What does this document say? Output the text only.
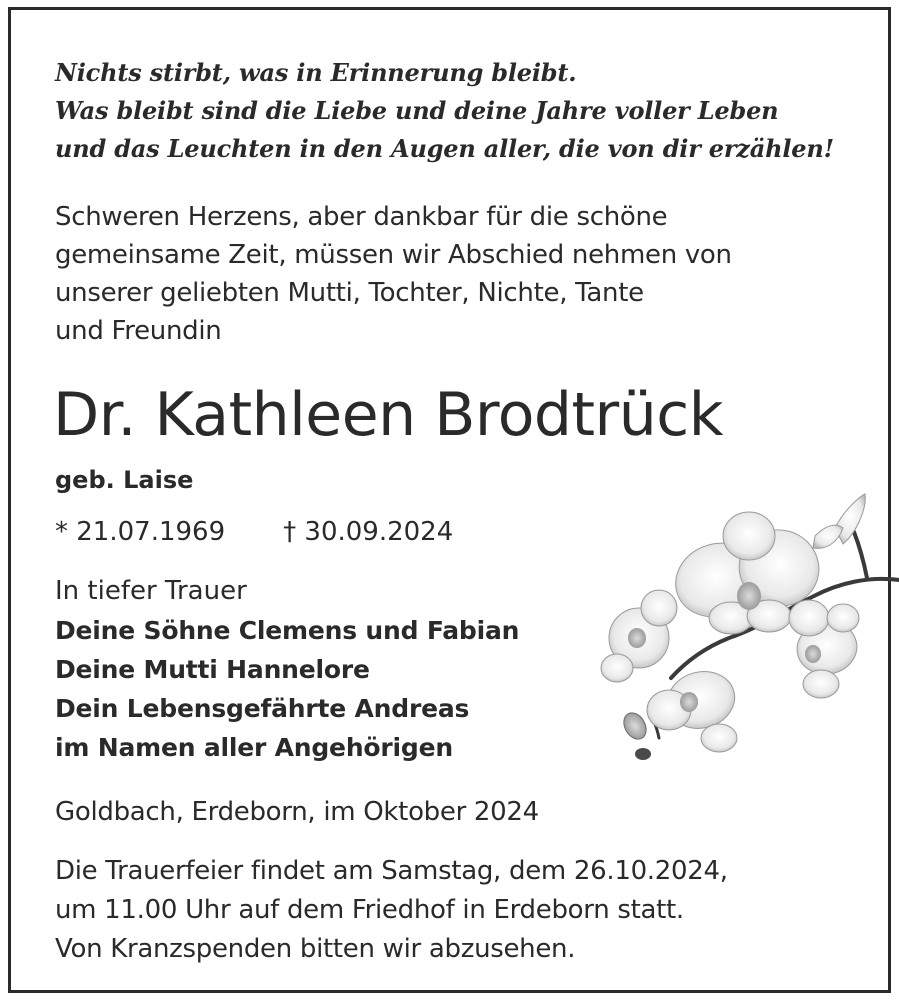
Nichts stirbt, was in Erinnerung bleibt.
Was bleibt sind die Liebe und deine Jahre voller Leben
und das Leuchten in den Augen aller, die von dir erzählen!
Schweren Herzens, aber dankbar für die schöne
gemeinsame Zeit, müssen wir Abschied nehmen von
unserer geliebten Mutti, Tochter, Nichte, Tante
und Freundin
Dr. Kathleen Brodtrück
geb. Laise
* 21.07.1969 † 30.09.2024
In tiefer Trauer
Deine Söhne Clemens und Fabian
Deine Mutti Hannelore
Dein Lebensgefährte Andreas
im Namen aller Angehörigen
Goldbach, Erdeborn, im Oktober 2024
Die Trauerfeier findet am Samstag, dem 26.10.2024,
um 11.00 Uhr auf dem Friedhof in Erdeborn statt.
Von Kranzspenden bitten wir abzusehen.
